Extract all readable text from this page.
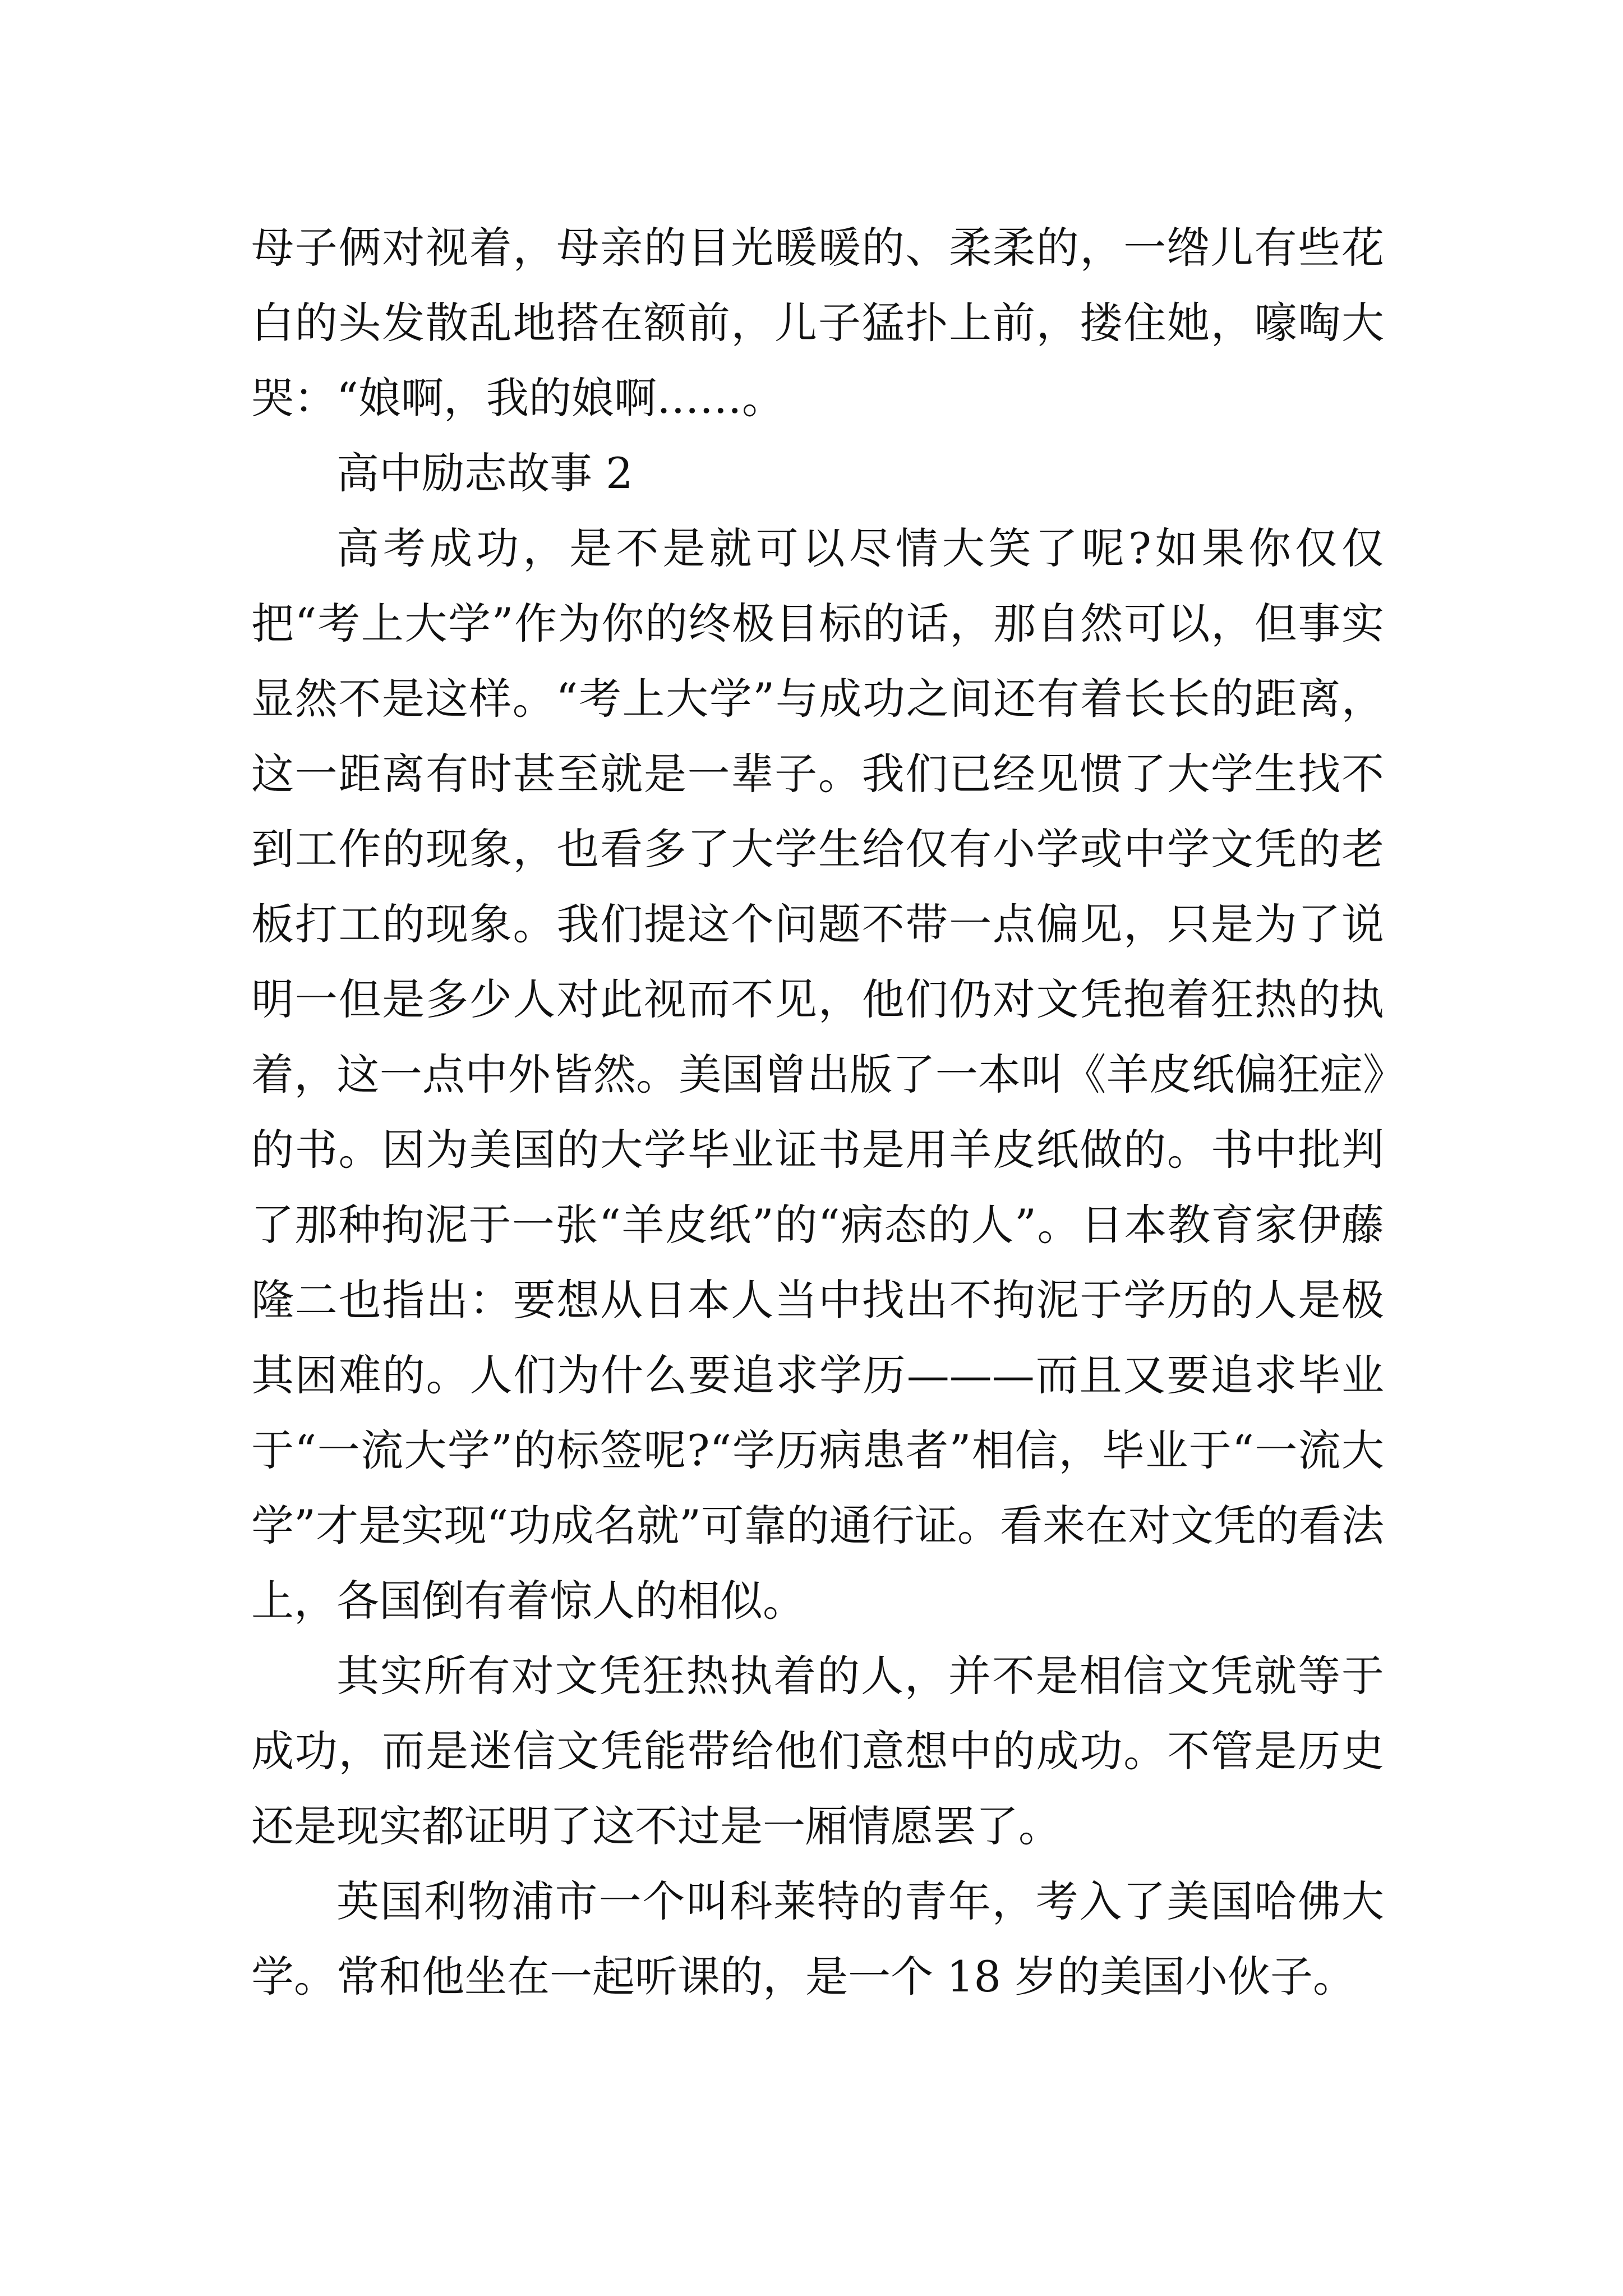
母子俩对视着，母亲的目光暖暖的、柔柔的，一绺儿有些花白的头发散乱地搭在额前，儿子猛扑上前，搂住她，嚎啕大哭：“娘啊，我的娘啊……。

高中励志故事 2

高考成功，是不是就可以尽情大笑了呢?如果你仅仅把“考上大学”作为你的终极目标的话，那自然可以，但事实显然不是这样。“考上大学”与成功之间还有着长长的距离，这一距离有时甚至就是一辈子。我们已经见惯了大学生找不到工作的现象，也看多了大学生给仅有小学或中学文凭的老板打工的现象。我们提这个问题不带一点偏见，只是为了说明一但是多少人对此视而不见，他们仍对文凭抱着狂热的执着，这一点中外皆然。美国曾出版了一本叫《羊皮纸偏狂症》的书。因为美国的大学毕业证书是用羊皮纸做的。书中批判了那种拘泥于一张“羊皮纸”的“病态的人”。日本教育家伊藤隆二也指出：要想从日本人当中找出不拘泥于学历的人是极其困难的。人们为什么要追求学历———而且又要追求毕业于“一流大学”的标签呢?“学历病患者”相信，毕业于“一流大学”才是实现“功成名就”可靠的通行证。看来在对文凭的看法上，各国倒有着惊人的相似。

其实所有对文凭狂热执着的人，并不是相信文凭就等于成功，而是迷信文凭能带给他们意想中的成功。不管是历史还是现实都证明了这不过是一厢情愿罢了。

英国利物浦市一个叫科莱特的青年，考入了美国哈佛大学。常和他坐在一起听课的，是一个 18 岁的美国小伙子。
